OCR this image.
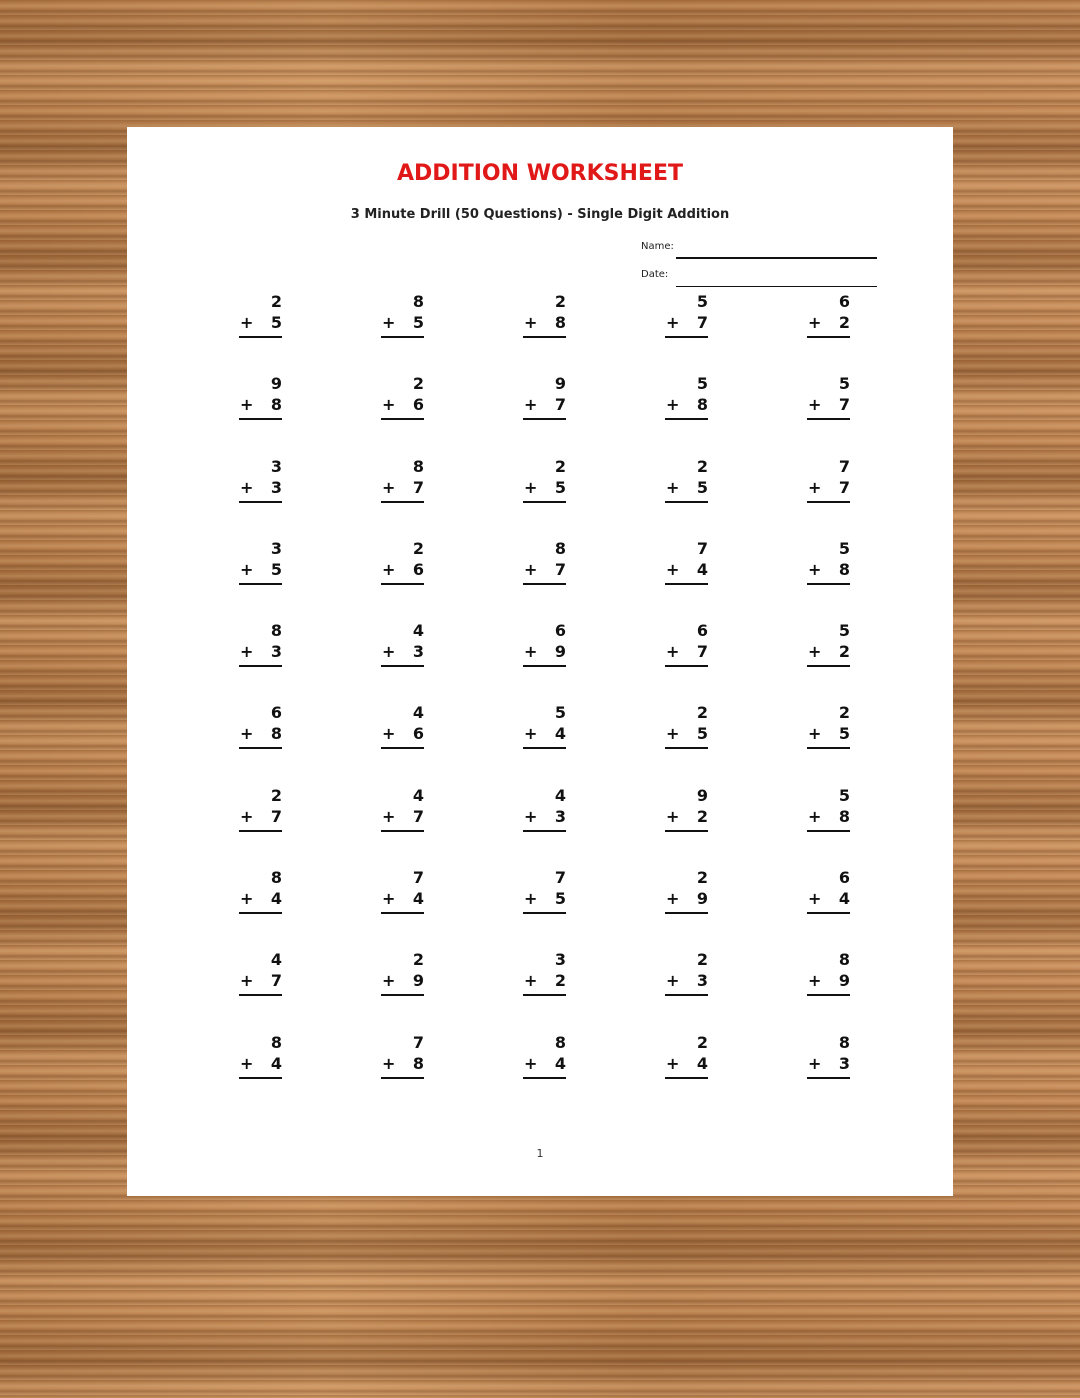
ADDITION WORKSHEET
3 Minute Drill (50 Questions) - Single Digit Addition
Name:
Date:
2
+ 5
8
+ 5
2
+ 8
5
+ 7
6
+ 2
9
+ 8
2
+ 6
9
+ 7
5
+ 8
5
+ 7
3
+ 3
8
+ 7
2
+ 5
2
+ 5
7
+ 7
3
+ 5
2
+ 6
8
+ 7
7
+ 4
5
+ 8
8
+ 3
4
+ 3
6
+ 9
6
+ 7
5
+ 2
6
+ 8
4
+ 6
5
+ 4
2
+ 5
2
+ 5
2
+ 7
4
+ 7
4
+ 3
9
+ 2
5
+ 8
8
+ 4
7
+ 4
7
+ 5
2
+ 9
6
+ 4
4
+ 7
2
+ 9
3
+ 2
2
+ 3
8
+ 9
8
+ 4
7
+ 8
8
+ 4
2
+ 4
8
+ 3
1
